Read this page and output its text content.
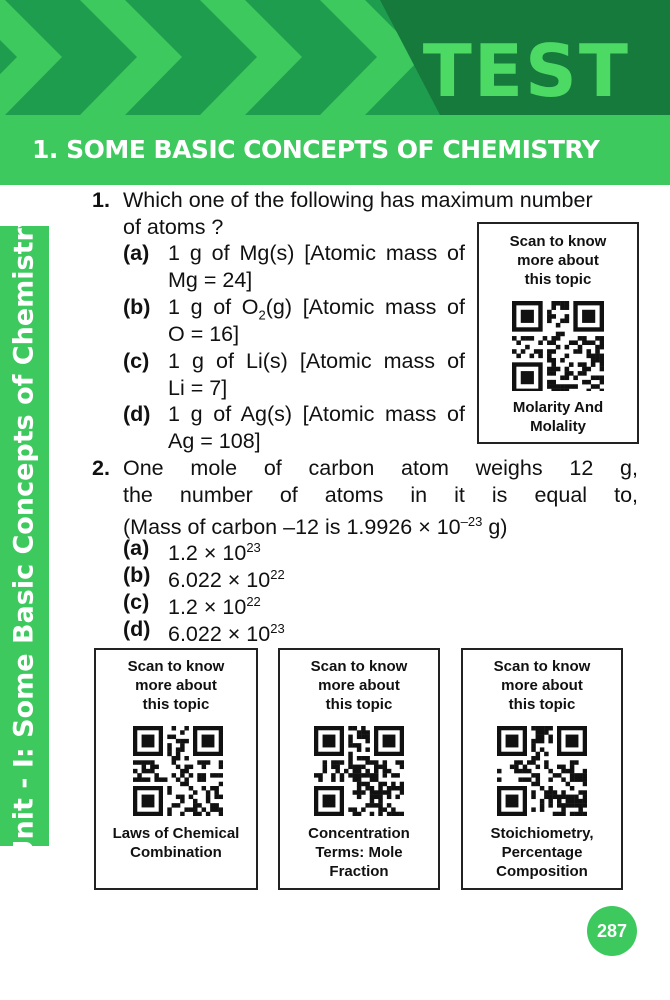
TEST
1. SOME BASIC CONCEPTS OF CHEMISTRY
Unit - I: Some Basic Concepts of Chemistry
1. Which one of the following has maximum number
of atoms ?
(a) 1 g of Mg(s) [Atomic mass of
Mg = 24]
(b) 1 g of $O_2(g)$ [Atomic mass of
O = 16]
(c) 1 g of Li(s) [Atomic mass of
Li = 7]
(d) 1 g of Ag(s) [Atomic mass of
Ag = 108]
2. One mole of carbon atom weighs 12 g,
the number of atoms in it is equal to,
(Mass of carbon –12 is $1.9926 \times 10^{-23}$ g)
(a) $1.2 \times 10^{23}$
(b) $6.022 \times 10^{22}$
(c) $1.2 \times 10^{22}$
(d) $6.022 \times 10^{23}$
Scan to know
more about
this topic
Molarity And
Molality
Scan to know
more about
this topic
Laws of Chemical
Combination
Scan to know
more about
this topic
Concentration
Terms: Mole
Fraction
Scan to know
more about
this topic
Stoichiometry,
Percentage
Composition
287
